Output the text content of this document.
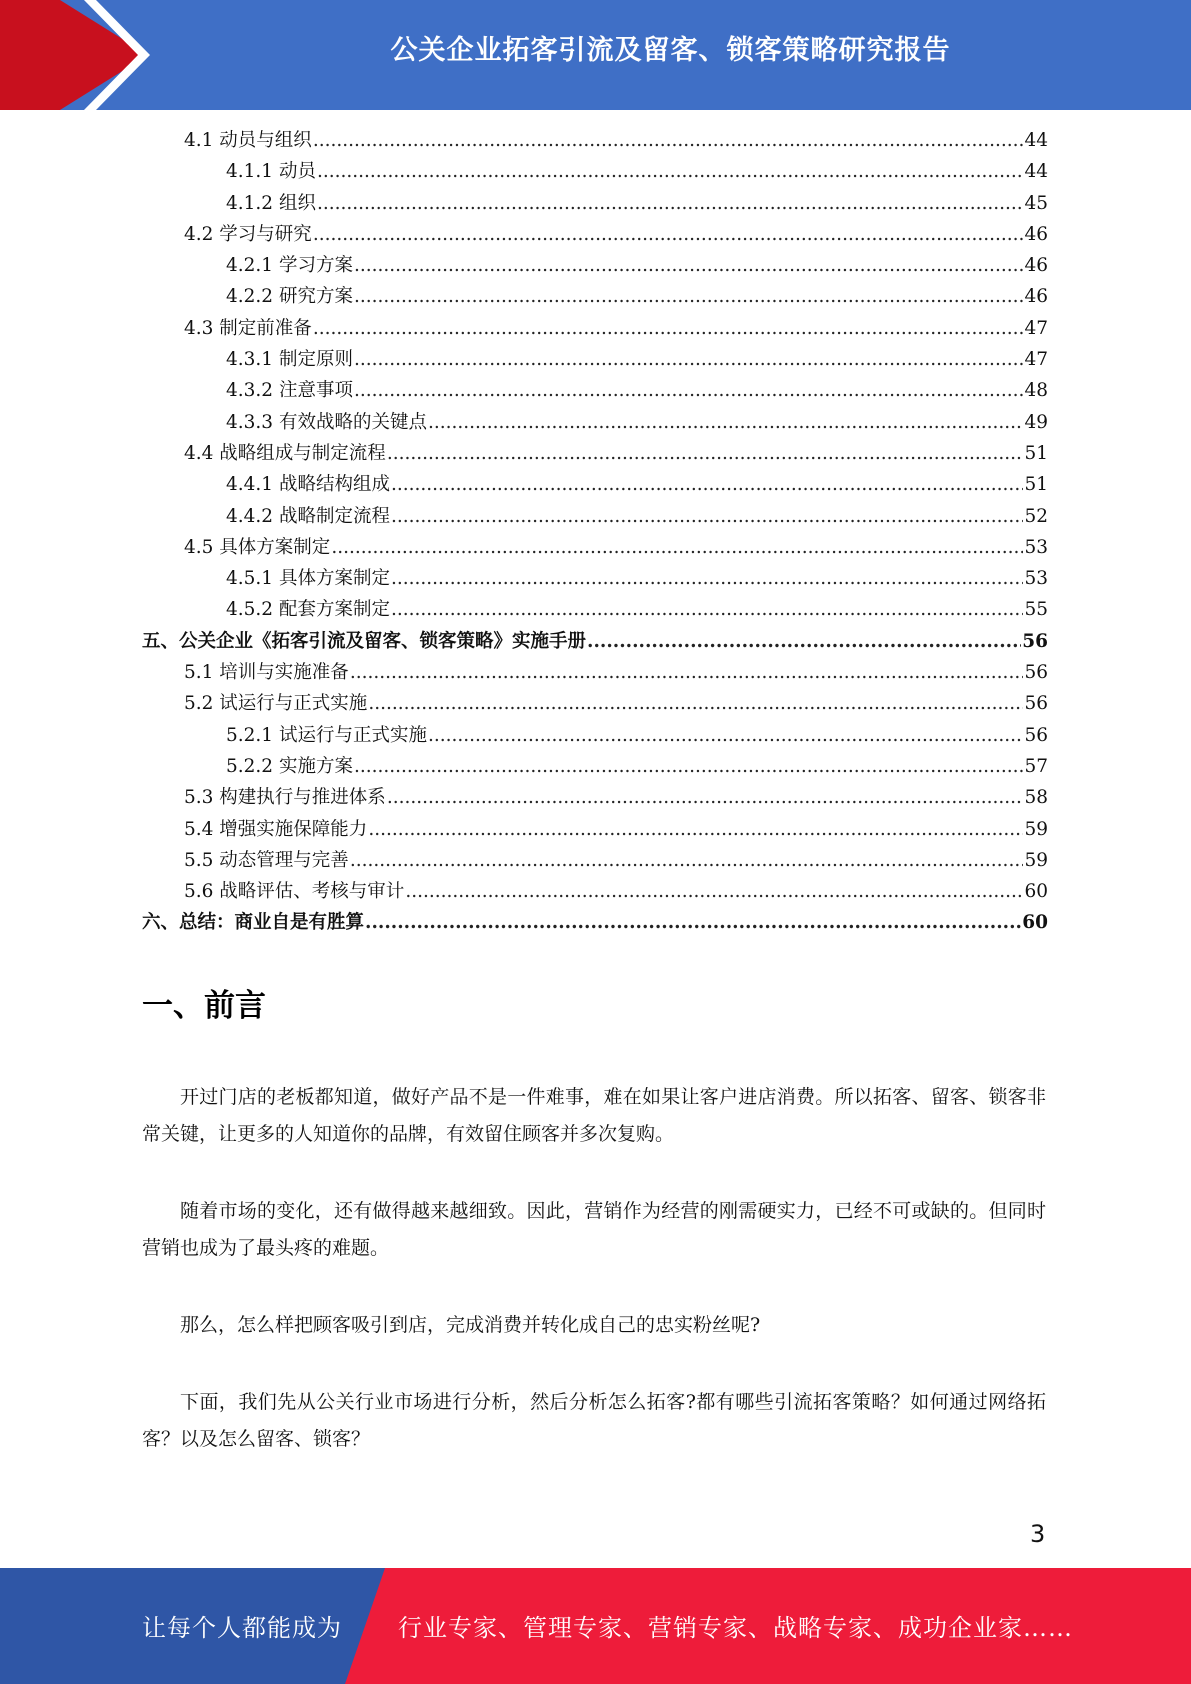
公关企业拓客引流及留客、锁客策略研究报告
4.1 动员与组织 .....	44
4.1.1 动员 .....	44
4.1.2 组织 .....	45
4.2 学习与研究 .....	46
4.2.1 学习方案 .....	46
4.2.2 研究方案 .....	46
4.3 制定前准备 .....	47
4.3.1 制定原则 .....	47
4.3.2 注意事项 .....	48
4.3.3 有效战略的关键点 .....	49
4.4 战略组成与制定流程 .....	51
4.4.1 战略结构组成 .....	51
4.4.2 战略制定流程 .....	52
4.5 具体方案制定 .....	53
4.5.1 具体方案制定 .....	53
4.5.2 配套方案制定 .....	55
五、公关企业《拓客引流及留客、锁客策略》实施手册 .....	56
5.1 培训与实施准备 .....	56
5.2 试运行与正式实施 .....	56
5.2.1 试运行与正式实施 .....	56
5.2.2 实施方案 .....	57
5.3 构建执行与推进体系 .....	58
5.4 增强实施保障能力 .....	59
5.5 动态管理与完善 .....	59
5.6 战略评估、考核与审计 .....	60
六、总结：商业自是有胜算 .....	60
一、前言

开过门店的老板都知道，做好产品不是一件难事，难在如果让客户进店消费。所以拓客、留客、锁客非常关键，让更多的人知道你的品牌，有效留住顾客并多次复购。

随着市场的变化，还有做得越来越细致。因此，营销作为经营的刚需硬实力，已经不可或缺的。但同时营销也成为了最头疼的难题。

那么，怎么样把顾客吸引到店，完成消费并转化成自己的忠实粉丝呢?

下面，我们先从公关行业市场进行分析，然后分析怎么拓客?都有哪些引流拓客策略？如何通过网络拓客？以及怎么留客、锁客？

3
让每个人都能成为 行业专家、管理专家、营销专家、战略专家、成功企业家……
